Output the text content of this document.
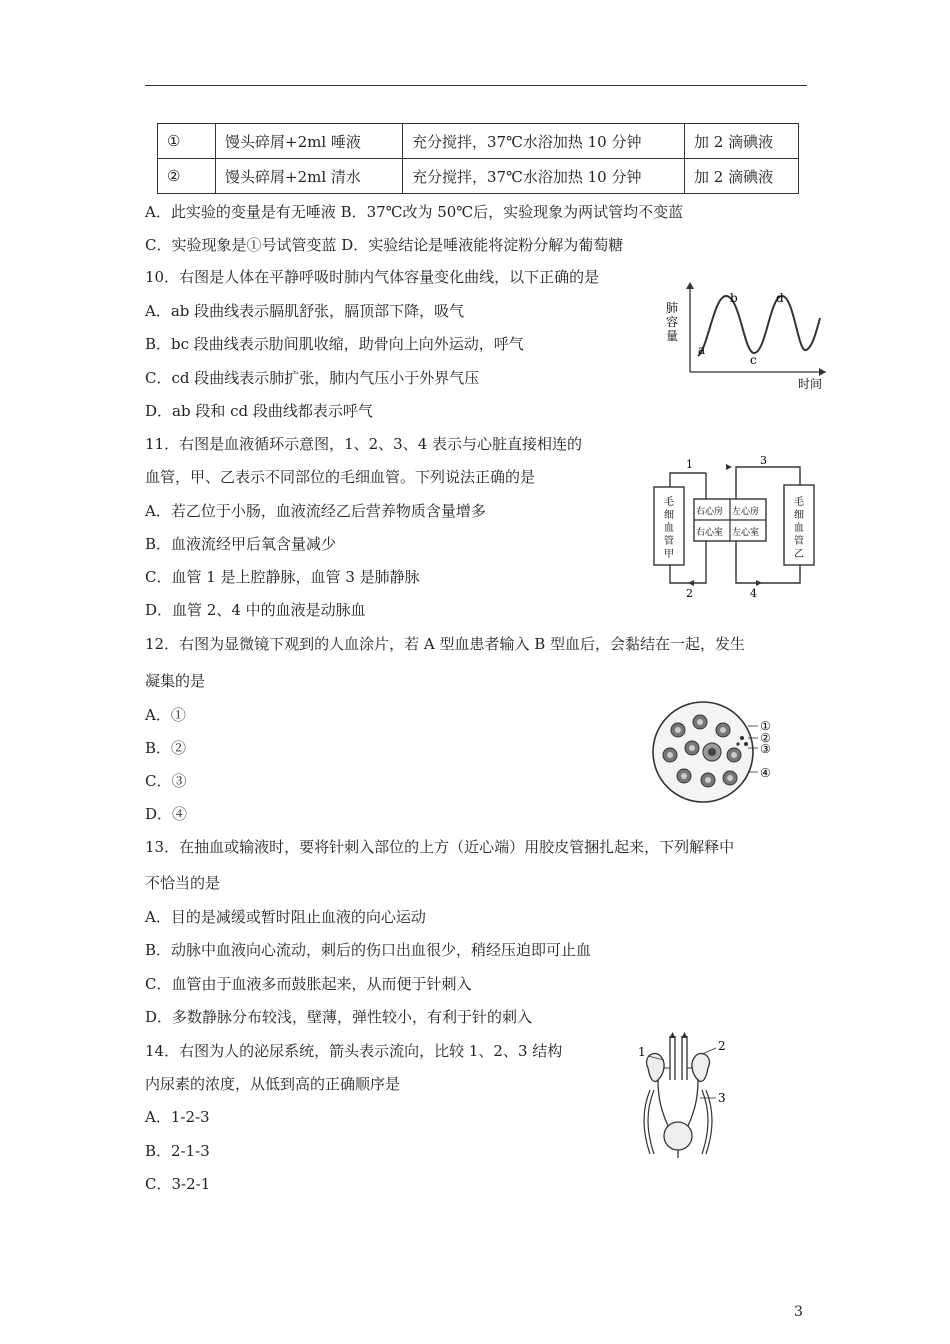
①	馒头碎屑+2ml 唾液	充分搅拌，37℃水浴加热 10 分钟	加 2 滴碘液
②	馒头碎屑+2ml 清水	充分搅拌，37℃水浴加热 10 分钟	加 2 滴碘液
A．此实验的变量是有无唾液 B．37℃改为 50℃后，实验现象为两试管均不变蓝
C．实验现象是①号试管变蓝 D．实验结论是唾液能将淀粉分解为葡萄糖
10．右图是人体在平静呼吸时肺内气体容量变化曲线，以下正确的是
A．ab 段曲线表示膈肌舒张，膈顶部下降，吸气
B．bc 段曲线表示肋间肌收缩，助骨向上向外运动，呼气
C．cd 段曲线表示肺扩张，肺内气压小于外界气压
D．ab 段和 cd 段曲线都表示呼气
肺
容
量
a
b
c
d
时间
11．右图是血液循环示意图，1、2、3、4 表示与心脏直接相连的
血管，甲、乙表示不同部位的毛细血管。下列说法正确的是
A．若乙位于小肠，血液流经乙后营养物质含量增多
B．血液流经甲后氧含量减少
C．血管 1 是上腔静脉，血管 3 是肺静脉
D．血管 2、4 中的血液是动脉血
右心房 左心房
右心室 左心室
毛
细
血
管
甲
毛
细
血
管
乙
1	3
2	4
12．右图为显微镜下观到的人血涂片，若 A 型血患者输入 B 型血后，会黏结在一起，发生
凝集的是
A．①
B．②
C．③
D．④
①
②
③
④
13．在抽血或输液时，要将针刺入部位的上方（近心端）用胶皮管捆扎起来，下列解释中
不恰当的是
A．目的是减缓或暂时阻止血液的向心运动
B．动脉中血液向心流动，刺后的伤口出血很少，稍经压迫即可止血
C．血管由于血液多而鼓胀起来，从而便于针刺入
D．多数静脉分布较浅，壁薄，弹性较小，有利于针的刺入
14．右图为人的泌尿系统，箭头表示流向，比较 1、2、3 结构
内尿素的浓度，从低到高的正确顺序是
A．1-2-3
B．2-1-3
C．3-2-1
1	2
3
3
